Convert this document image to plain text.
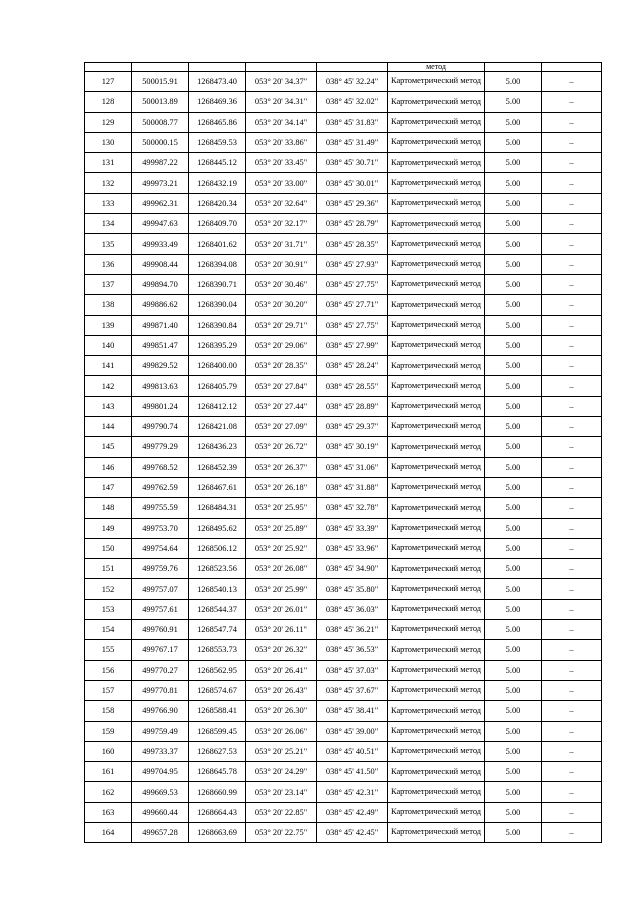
					метод		
127	500015.91	1268473.40	053° 20' 34.37"	038° 45' 32.24"	Картометрический метод	5.00	–
128	500013.89	1268469.36	053° 20' 34.31"	038° 45' 32.02"	Картометрический метод	5.00	–
129	500008.77	1268465.86	053° 20' 34.14"	038° 45' 31.83"	Картометрический метод	5.00	–
130	500000.15	1268459.53	053° 20' 33.86"	038° 45' 31.49"	Картометрический метод	5.00	–
131	499987.22	1268445.12	053° 20' 33.45"	038° 45' 30.71"	Картометрический метод	5.00	–
132	499973.21	1268432.19	053° 20' 33.00"	038° 45' 30.01"	Картометрический метод	5.00	–
133	499962.31	1268420.34	053° 20' 32.64"	038° 45' 29.36"	Картометрический метод	5.00	–
134	499947.63	1268409.70	053° 20' 32.17"	038° 45' 28.79"	Картометрический метод	5.00	–
135	499933.49	1268401.62	053° 20' 31.71"	038° 45' 28.35"	Картометрический метод	5.00	–
136	499908.44	1268394.08	053° 20' 30.91"	038° 45' 27.93"	Картометрический метод	5.00	–
137	499894.70	1268390.71	053° 20' 30.46"	038° 45' 27.75"	Картометрический метод	5.00	–
138	499886.62	1268390.04	053° 20' 30.20"	038° 45' 27.71"	Картометрический метод	5.00	–
139	499871.40	1268390.84	053° 20' 29.71"	038° 45' 27.75"	Картометрический метод	5.00	–
140	499851.47	1268395.29	053° 20' 29.06"	038° 45' 27.99"	Картометрический метод	5.00	–
141	499829.52	1268400.00	053° 20' 28.35"	038° 45' 28.24"	Картометрический метод	5.00	–
142	499813.63	1268405.79	053° 20' 27.84"	038° 45' 28.55"	Картометрический метод	5.00	–
143	499801.24	1268412.12	053° 20' 27.44"	038° 45' 28.89"	Картометрический метод	5.00	–
144	499790.74	1268421.08	053° 20' 27.09"	038° 45' 29.37"	Картометрический метод	5.00	–
145	499779.29	1268436.23	053° 20' 26.72"	038° 45' 30.19"	Картометрический метод	5.00	–
146	499768.52	1268452.39	053° 20' 26.37"	038° 45' 31.06"	Картометрический метод	5.00	–
147	499762.59	1268467.61	053° 20' 26.18"	038° 45' 31.88"	Картометрический метод	5.00	–
148	499755.59	1268484.31	053° 20' 25.95"	038° 45' 32.78"	Картометрический метод	5.00	–
149	499753.70	1268495.62	053° 20' 25.89"	038° 45' 33.39"	Картометрический метод	5.00	–
150	499754.64	1268506.12	053° 20' 25.92"	038° 45' 33.96"	Картометрический метод	5.00	–
151	499759.76	1268523.56	053° 20' 26.08"	038° 45' 34.90"	Картометрический метод	5.00	–
152	499757.07	1268540.13	053° 20' 25.99"	038° 45' 35.80"	Картометрический метод	5.00	–
153	499757.61	1268544.37	053° 20' 26.01"	038° 45' 36.03"	Картометрический метод	5.00	–
154	499760.91	1268547.74	053° 20' 26.11"	038° 45' 36.21"	Картометрический метод	5.00	–
155	499767.17	1268553.73	053° 20' 26.32"	038° 45' 36.53"	Картометрический метод	5.00	–
156	499770.27	1268562.95	053° 20' 26.41"	038° 45' 37.03"	Картометрический метод	5.00	–
157	499770.81	1268574.67	053° 20' 26.43"	038° 45' 37.67"	Картометрический метод	5.00	–
158	499766.90	1268588.41	053° 20' 26.30"	038° 45' 38.41"	Картометрический метод	5.00	–
159	499759.49	1268599.45	053° 20' 26.06"	038° 45' 39.00"	Картометрический метод	5.00	–
160	499733.37	1268627.53	053° 20' 25.21"	038° 45' 40.51"	Картометрический метод	5.00	–
161	499704.95	1268645.78	053° 20' 24.29"	038° 45' 41.50"	Картометрический метод	5.00	–
162	499669.53	1268660.99	053° 20' 23.14"	038° 45' 42.31"	Картометрический метод	5.00	–
163	499660.44	1268664.43	053° 20' 22.85"	038° 45' 42.49"	Картометрический метод	5.00	–
164	499657.28	1268663.69	053° 20' 22.75"	038° 45' 42.45"	Картометрический метод	5.00	–
